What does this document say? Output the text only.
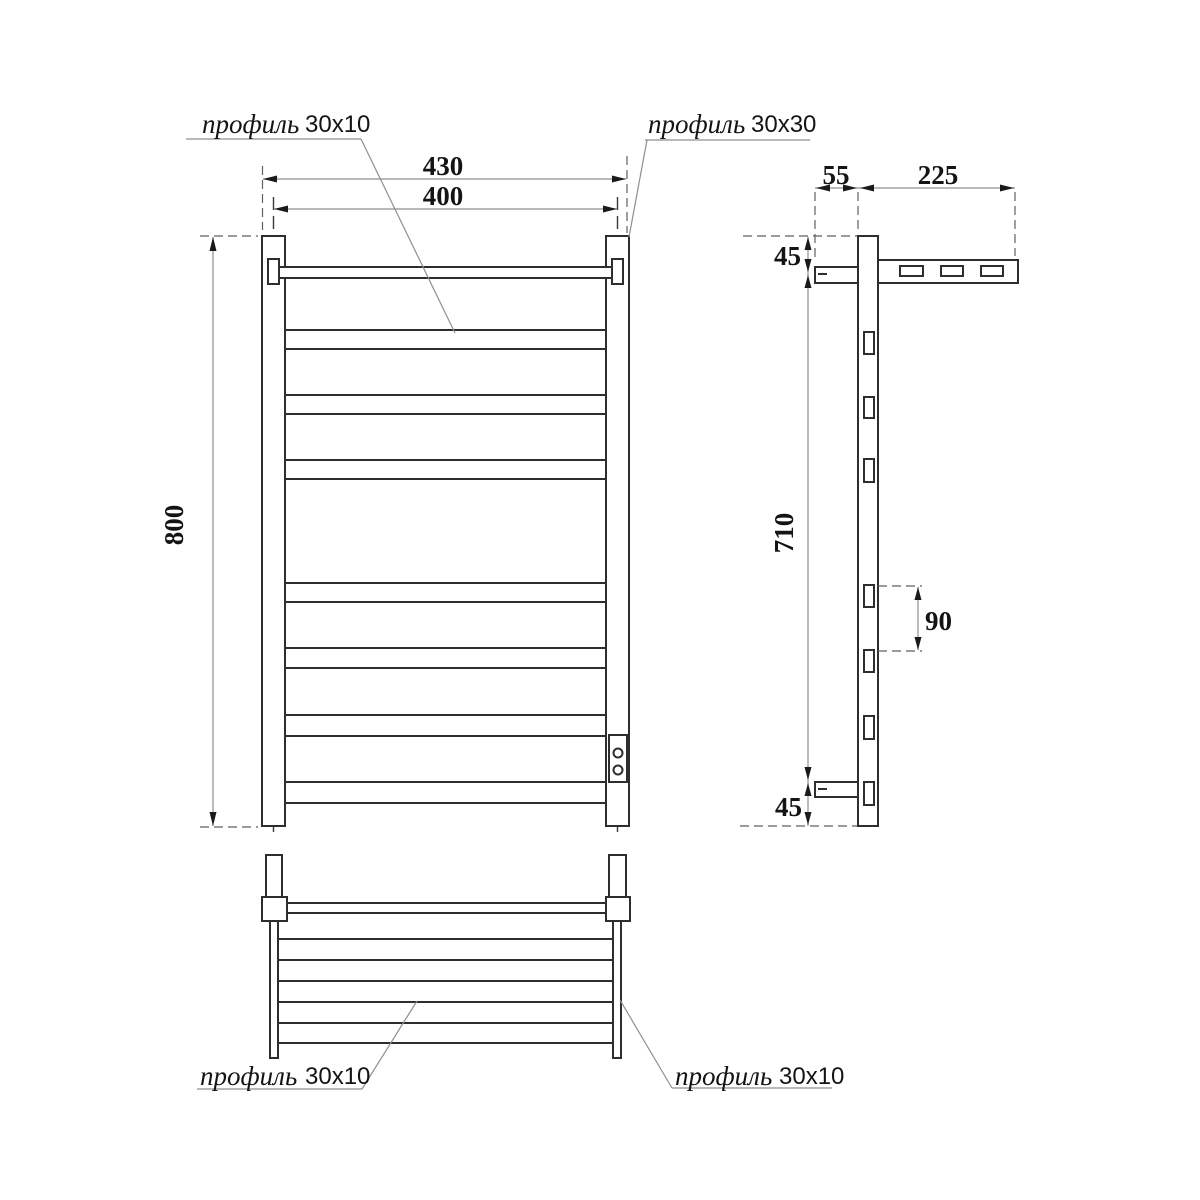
430
400
800
профиль 30x10	профиль 30x30
55	225
45
710
45
90
профиль 30x10	профиль 30x10
